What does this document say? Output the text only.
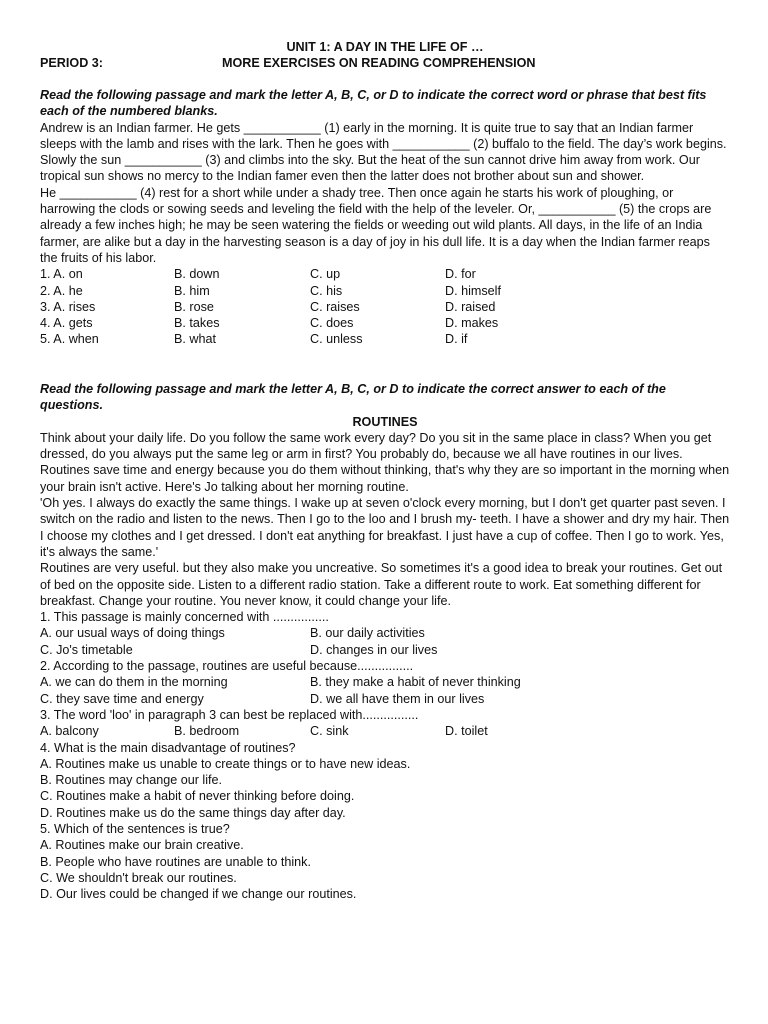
UNIT 1: A DAY IN THE LIFE OF …
PERIOD 3:	MORE EXERCISES ON READING COMPREHENSION

Read the following passage and mark the letter A, B, C, or D to indicate the correct word or phrase that best fits each of the numbered blanks.

Andrew is an Indian farmer. He gets ___________ (1) early in the morning. It is quite true to say that an Indian farmer sleeps with the lamb and rises with the lark. Then he goes with ___________ (2) buffalo to the field. The day’s work begins. Slowly the sun ___________ (3) and climbs into the sky. But the heat of the sun cannot drive him away from work. Our tropical sun shows no mercy to the Indian famer even then the latter does not brother about sun and shower.

He ___________ (4) rest for a short while under a shady tree. Then once again he starts his work of ploughing, or harrowing the clods or sowing seeds and leveling the field with the help of the leveler. Or, ___________ (5) the crops are already a few inches high; he may be seen watering the fields or weeding out wild plants. All days, in the life of an India farmer, are alike but a day in the harvesting season is a day of joy in his dull life. It is a day when the Indian farmer reaps the fruits of his labor.

1. A. on	B. down	C. up	D. for
2. A. he	B. him	C. his	D. himself
3. A. rises	B. rose	C. raises	D. raised
4. A. gets	B. takes	C. does	D. makes
5. A. when	B. what	C. unless	D. if

Read the following passage and mark the letter A, B, C, or D to indicate the correct answer to each of the questions.

ROUTINES

Think about your daily life. Do you follow the same work every day? Do you sit in the same place in class? When you get dressed, do you always put the same leg or arm in first? You probably do, because we all have routines in our lives.

Routines save time and energy because you do them without thinking, that's why they are so important in the morning when your brain isn't active. Here's Jo talking about her morning routine.

'Oh yes. I always do exactly the same things. I wake up at seven o'clock every morning, but I don't get quarter past seven. I switch on the radio and listen to the news. Then I go to the loo and I brush my- teeth. I have a shower and dry my hair. Then I choose my clothes and I get dressed. I don't eat anything for breakfast. I just have a cup of coffee. Then I go to work. Yes, it's always the same.'

Routines are very useful. but they also make you uncreative. So sometimes it's a good idea to break your routines. Get out of bed on the opposite side. Listen to a different radio station. Take a different route to work. Eat something different for breakfast. Change your routine. You never know, it could change your life.

1. This passage is mainly concerned with ................

A. our usual ways of doing things	B. our daily activities
C. Jo's timetable	D. changes in our lives

2. According to the passage, routines are useful because................

A. we can do them in the morning	B. they make a habit of never thinking
C. they save time and energy	D. we all have them in our lives

3. The word 'loo' in paragraph 3 can best be replaced with................

A. balcony	B. bedroom	C. sink	D. toilet

4. What is the main disadvantage of routines?

A. Routines make us unable to create things or to have new ideas.

B. Routines may change our life.

C. Routines make a habit of never thinking before doing.

D. Routines make us do the same things day after day.

5. Which of the sentences is true?

A. Routines make our brain creative.

B. People who have routines are unable to think.

C. We shouldn't break our routines.

D. Our lives could be changed if we change our routines.
